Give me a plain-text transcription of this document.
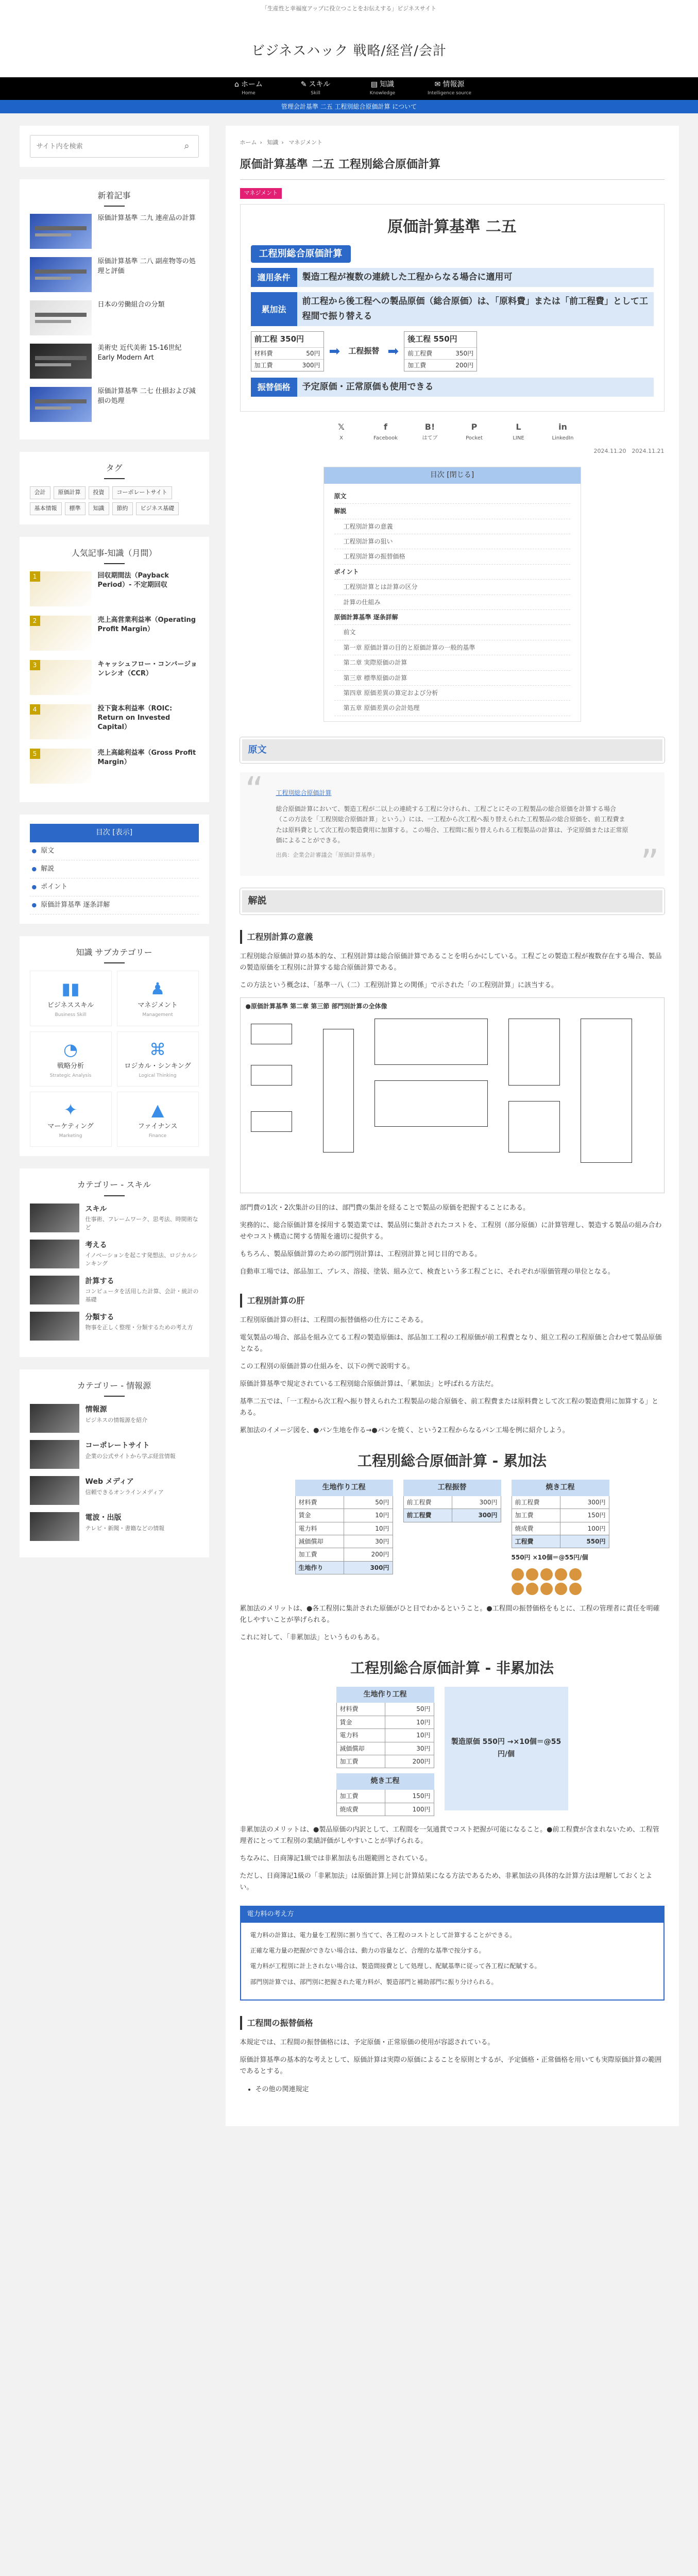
「生産性と幸福度アップに役立つことをお伝えする」ビジネスサイト
ビジネスハック 戦略/経営/会計
⌂ ホーム
Home
✎ スキル
Skill
▤ 知識
Knowledge
✉ 情報源
Intelligence source
管理会計基準 二五 工程別総合原価計算 について
サイト内を検索
⌕
新着記事
原価計算基準 二九 連産品の計算
原価計算基準 二八 副産物等の処理と評価
日本の労働組合の分類
美術史 近代美術 15-16世紀 Early Modern Art
原価計算基準 二七 仕損および減損の処理
タグ
会計	原価計算	投資	コーポレートサイト
基本情報	標準	知識	節約	ビジネス基礎
人気記事-知識（月間）
1	回収期間法（Payback Period）- 不定期回収
2	売上高営業利益率（Operating Profit Margin）
3	キャッシュフロー・コンバージョンレシオ（CCR）
4	投下資本利益率（ROIC: Return on Invested Capital）
5	売上高総利益率（Gross Profit Margin）
目次 [表示]
● 原文
● 解説
● ポイント
● 原価計算基準 逐条詳解
知識 サブカテゴリー
▮▮
ビジネススキル
Business Skill
♟
マネジメント
Management
◔
戦略分析
Strategic Analysis
⌘
ロジカル・シンキング
Logical Thinking
✦
マーケティング
Marketing
▲
ファイナンス
Finance
カテゴリー - スキル
スキル
仕事術、フレームワーク、思考法、時間術など
考える
イノベーションを起こす発想法、ロジカルシンキング
計算する
コンピュータを活用した計算、会計・統計の基礎
分類する
物事を正しく整理・分類するための考え方
カテゴリー - 情報源
情報源
ビジネスの情報源を紹介
コーポレートサイト
企業の公式サイトから学ぶ経営情報
Web メディア
信頼できるオンラインメディア
電波・出版
テレビ・新聞・書籍などの情報
ホーム › 知識 › マネジメント
原価計算基準 二五 工程別総合原価計算
マネジメント
原価計算基準 二五
工程別総合原価計算
適用条件	製造工程が複数の連続した工程からなる場合に適用可
累加法
前工程から後工程への製品原価（総合原価）は、「原料費」または「前工程費」として工程間で振り替える
前工程 350円
材料費	50円
加工費	300円
➡	工程振替 ➡
後工程 550円
前工程費	350円
加工費	200円
振替価格	予定原価・正常原価も使用できる
𝕏
X
f
Facebook
B!
はてブ
P
Pocket
L
LINE
in
LinkedIn
2024.11.20　2024.11.21
目次 [閉じる]
原文
解説
工程別計算の意義
工程別計算の狙い
工程別計算の振替価格
ポイント
工程別計算とは計算の区分
計算の仕組み
原価計算基準 逐条詳解
前文
第一章 原価計算の目的と原価計算の一般的基準
第二章 実際原価の計算
第三章 標準原価の計算
第四章 原価差異の算定および分析
第五章 原価差異の会計処理
原文
“ 工程別総合原価計算
総合原価計算において、製造工程が二以上の連続する工程に分けられ、工程ごとにその工程製品の総合原価を計算する場合（この方法を「工程別総合原価計算」という。）には、一工程から次工程へ振り替えられた工程製品の総合原価を、前工程費または原料費として次工程の製造費用に加算する。この場合、工程間に振り替えられる工程製品の計算は、予定原価または正常原価によることができる。
出典：企業会計審議会「原価計算基準」	”
解説
工程別計算の意義

工程別総合原価計算の基本的な、工程別計算は総合原価計算であることを明らかにしている。工程ごとの製造工程が複数存在する場合、製品の製造原価を工程別に計算する総合原価計算である。

この方法という概念は、「基準一八（二）工程別計算との関係」で示された「の工程別計算」に該当する。

●原価計算基準 第二章 第三節 部門別計算の全体像

部門費の1次・2次集計の目的は、部門費の集計を経ることで製品の原価を把握することにある。

実務的に、総合原価計算を採用する製造業では、製品別に集計されたコストを、工程別（部分原価）に計算管理し、製造する製品の組み合わせやコスト構造に関する情報を適切に提供する。

もちろん、製品原価計算のための部門別計算は、工程別計算と同じ目的である。

自動車工場では、部品加工、プレス、溶接、塗装、組み立て、検査という多工程ごとに、それぞれが原価管理の単位となる。

工程別計算の肝

工程別原価計算の肝は、工程間の振替価格の仕方にこそある。

電気製品の場合、部品を組み立てる工程の製造原価は、部品加工工程の工程原価が前工程費となり、組立工程の工程原価と合わせて製品原価となる。

この工程別の原価計算の仕組みを、以下の例で説明する。

原価計算基準で規定されている工程別総合原価計算は、「累加法」と呼ばれる方法だ。

基準二五では、「一工程から次工程へ振り替えられた工程製品の総合原価を、前工程費または原料費として次工程の製造費用に加算する」とある。

累加法のイメージ図を、●パン生地を作る→●パンを焼く、という2工程からなるパン工場を例に紹介しよう。

工程別総合原価計算 - 累加法
生地作り工程
材料費	50円
賃金	10円
電力料	10円
減価償却	30円
加工費	200円
生地作り	300円
工程振替
前工程費	300円
前工程費	300円
焼き工程
前工程費	300円
加工費	150円
焼成費	100円
工程費	550円
550円 ×10個＝@55円/個

累加法のメリットは、●各工程別に集計された原価がひと目でわかるということ。●工程間の振替価格をもとに、工程の管理者に責任を明確化しやすいことが挙げられる。

これに対して、「非累加法」というものもある。

工程別総合原価計算 - 非累加法
生地作り工程
材料費	50円
賃金	10円
電力料	10円
減価償却	30円
加工費	200円
焼き工程
加工費	150円
焼成費	100円
製造原価 550円 →×10個＝@55円/個

非累加法のメリットは、●製品原価の内訳として、工程間を一気通貫でコスト把握が可能になること。●前工程費が含まれないため、工程管理者にとって工程別の業績評価がしやすいことが挙げられる。

ちなみに、日商簿記1級では非累加法も出題範囲とされている。

ただし、日商簿記1級の「非累加法」は原価計算上同じ計算結果になる方法であるため、非累加法の具体的な計算方法は理解しておくとよい。

電力料の考え方

電力料の計算は、電力量を工程別に割り当てて、各工程のコストとして計算することができる。

正確な電力量の把握ができない場合は、動力の容量など、合理的な基準で按分する。

電力料が工程別に計上されない場合は、製造間接費として処理し、配賦基準に従って各工程に配賦する。

部門別計算では、部門別に把握された電力料が、製造部門と補助部門に振り分けられる。

工程間の振替価格

本規定では、工程間の振替価格には、予定原価・正常原価の使用が容認されている。

原価計算基準の基本的な考えとして、原価計算は実際の原価によることを原則とするが、予定価格・正常価格を用いても実際原価計算の範囲であるとする。

• その他の関連規定
